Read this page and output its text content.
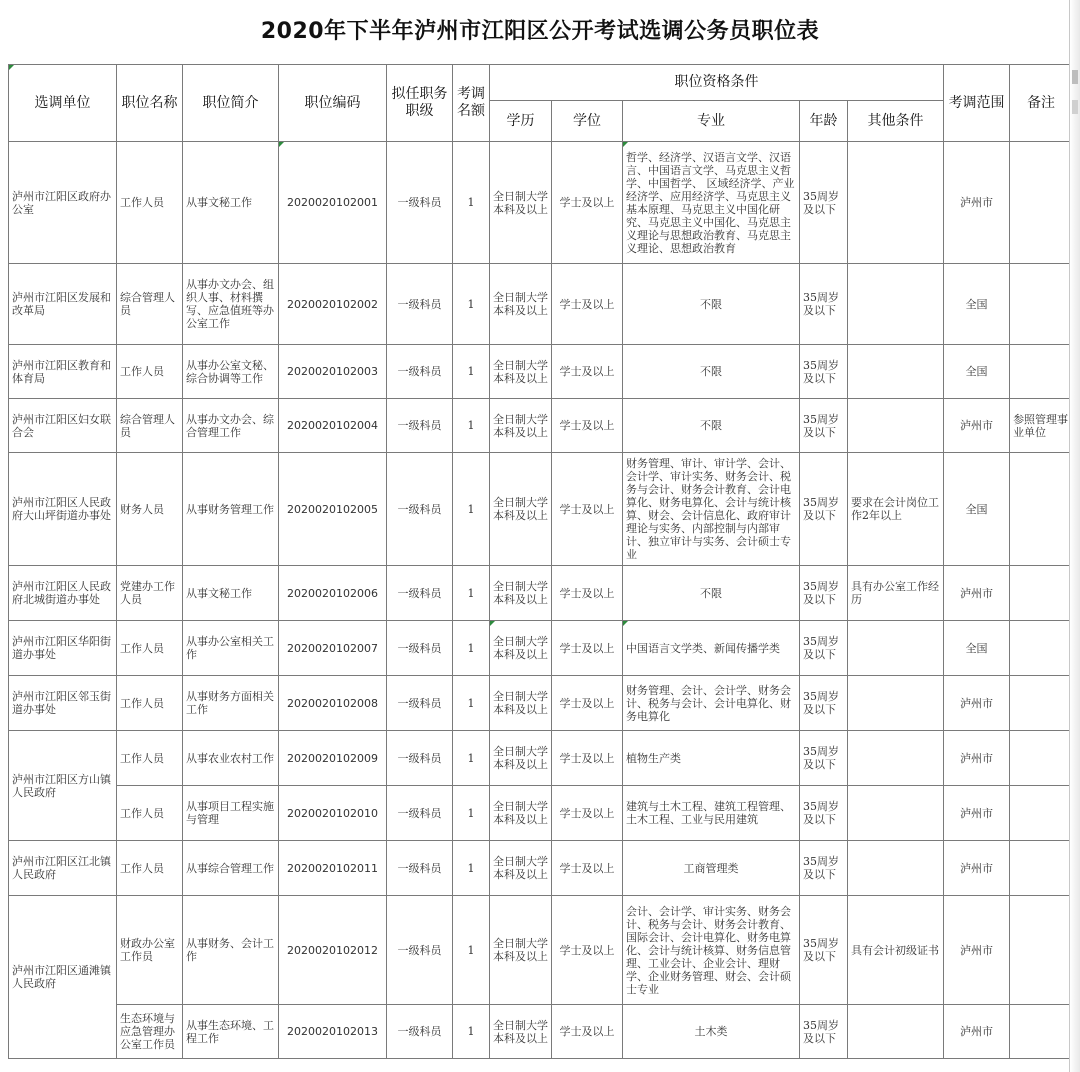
2020年下半年泸州市江阳区公开考试选调公务员职位表
选调单位	职位名称	职位简介	职位编码	拟任职务职级	考调名额	职位资格条件					考调范围	备注
						学历	学位	专业	年龄	其他条件		
泸州市江阳区政府办公室	工作人员	从事文秘工作	2020020102001	一级科员	1	全日制大学本科及以上	学士及以上	哲学、经济学、汉语言文学、汉语言、中国语言文学、马克思主义哲学、中国哲学、 区域经济学、产业经济学、应用经济学、马克思主义基本原理、马克思主义中国化研究、马克思主义中国化、马克思主义理论与思想政治教育、马克思主义理论、思想政治教育	35周岁及以下		泸州市	
泸州市江阳区发展和改革局	综合管理人员	从事办文办会、组织人事、材料撰写、应急值班等办公室工作	2020020102002	一级科员	1	全日制大学本科及以上	学士及以上	不限	35周岁及以下		全国	
泸州市江阳区教育和体育局	工作人员	从事办公室文秘、综合协调等工作	2020020102003	一级科员	1	全日制大学本科及以上	学士及以上	不限	35周岁及以下		全国	
泸州市江阳区妇女联合会	综合管理人员	从事办文办会、综合管理工作	2020020102004	一级科员	1	全日制大学本科及以上	学士及以上	不限	35周岁及以下		泸州市	参照管理事业单位
泸州市江阳区人民政府大山坪街道办事处	财务人员	从事财务管理工作	2020020102005	一级科员	1	全日制大学本科及以上	学士及以上	财务管理、审计、审计学、会计、会计学、审计实务、财务会计、税务与会计、财务会计教育、会计电算化、财务电算化、会计与统计核算、财会、会计信息化、政府审计理论与实务、内部控制与内部审计、独立审计与实务、会计硕士专业	35周岁及以下	要求在会计岗位工作2年以上	全国	
泸州市江阳区人民政府北城街道办事处	党建办工作人员	从事文秘工作	2020020102006	一级科员	1	全日制大学本科及以上	学士及以上	不限	35周岁及以下	具有办公室工作经历	泸州市	
泸州市江阳区华阳街道办事处	工作人员	从事办公室相关工作	2020020102007	一级科员	1	全日制大学本科及以上	学士及以上	中国语言文学类、新闻传播学类	35周岁及以下		全国	
泸州市江阳区邻玉街道办事处	工作人员	从事财务方面相关工作	2020020102008	一级科员	1	全日制大学本科及以上	学士及以上	财务管理、会计、会计学、财务会计、税务与会计、会计电算化、财务电算化	35周岁及以下		泸州市	
泸州市江阳区方山镇人民政府	工作人员	从事农业农村工作	2020020102009	一级科员	1	全日制大学本科及以上	学士及以上	植物生产类	35周岁及以下		泸州市	
	工作人员	从事项目工程实施与管理	2020020102010	一级科员	1	全日制大学本科及以上	学士及以上	建筑与土木工程、建筑工程管理、土木工程、工业与民用建筑	35周岁及以下		泸州市	
泸州市江阳区江北镇人民政府	工作人员	从事综合管理工作	2020020102011	一级科员	1	全日制大学本科及以上	学士及以上	工商管理类	35周岁及以下		泸州市	
泸州市江阳区通滩镇人民政府	财政办公室工作员	从事财务、会计工作	2020020102012	一级科员	1	全日制大学本科及以上	学士及以上	会计、会计学、审计实务、财务会计、税务与会计、财务会计教育、国际会计、会计电算化、财务电算化、会计与统计核算、财务信息管理、工业会计、企业会计、理财学、企业财务管理、财会、会计硕士专业	35周岁及以下	具有会计初级证书	泸州市	
	生态环境与应急管理办公室工作员	从事生态环境、工程工作	2020020102013	一级科员	1	全日制大学本科及以上	学士及以上	土木类	35周岁及以下		泸州市	
